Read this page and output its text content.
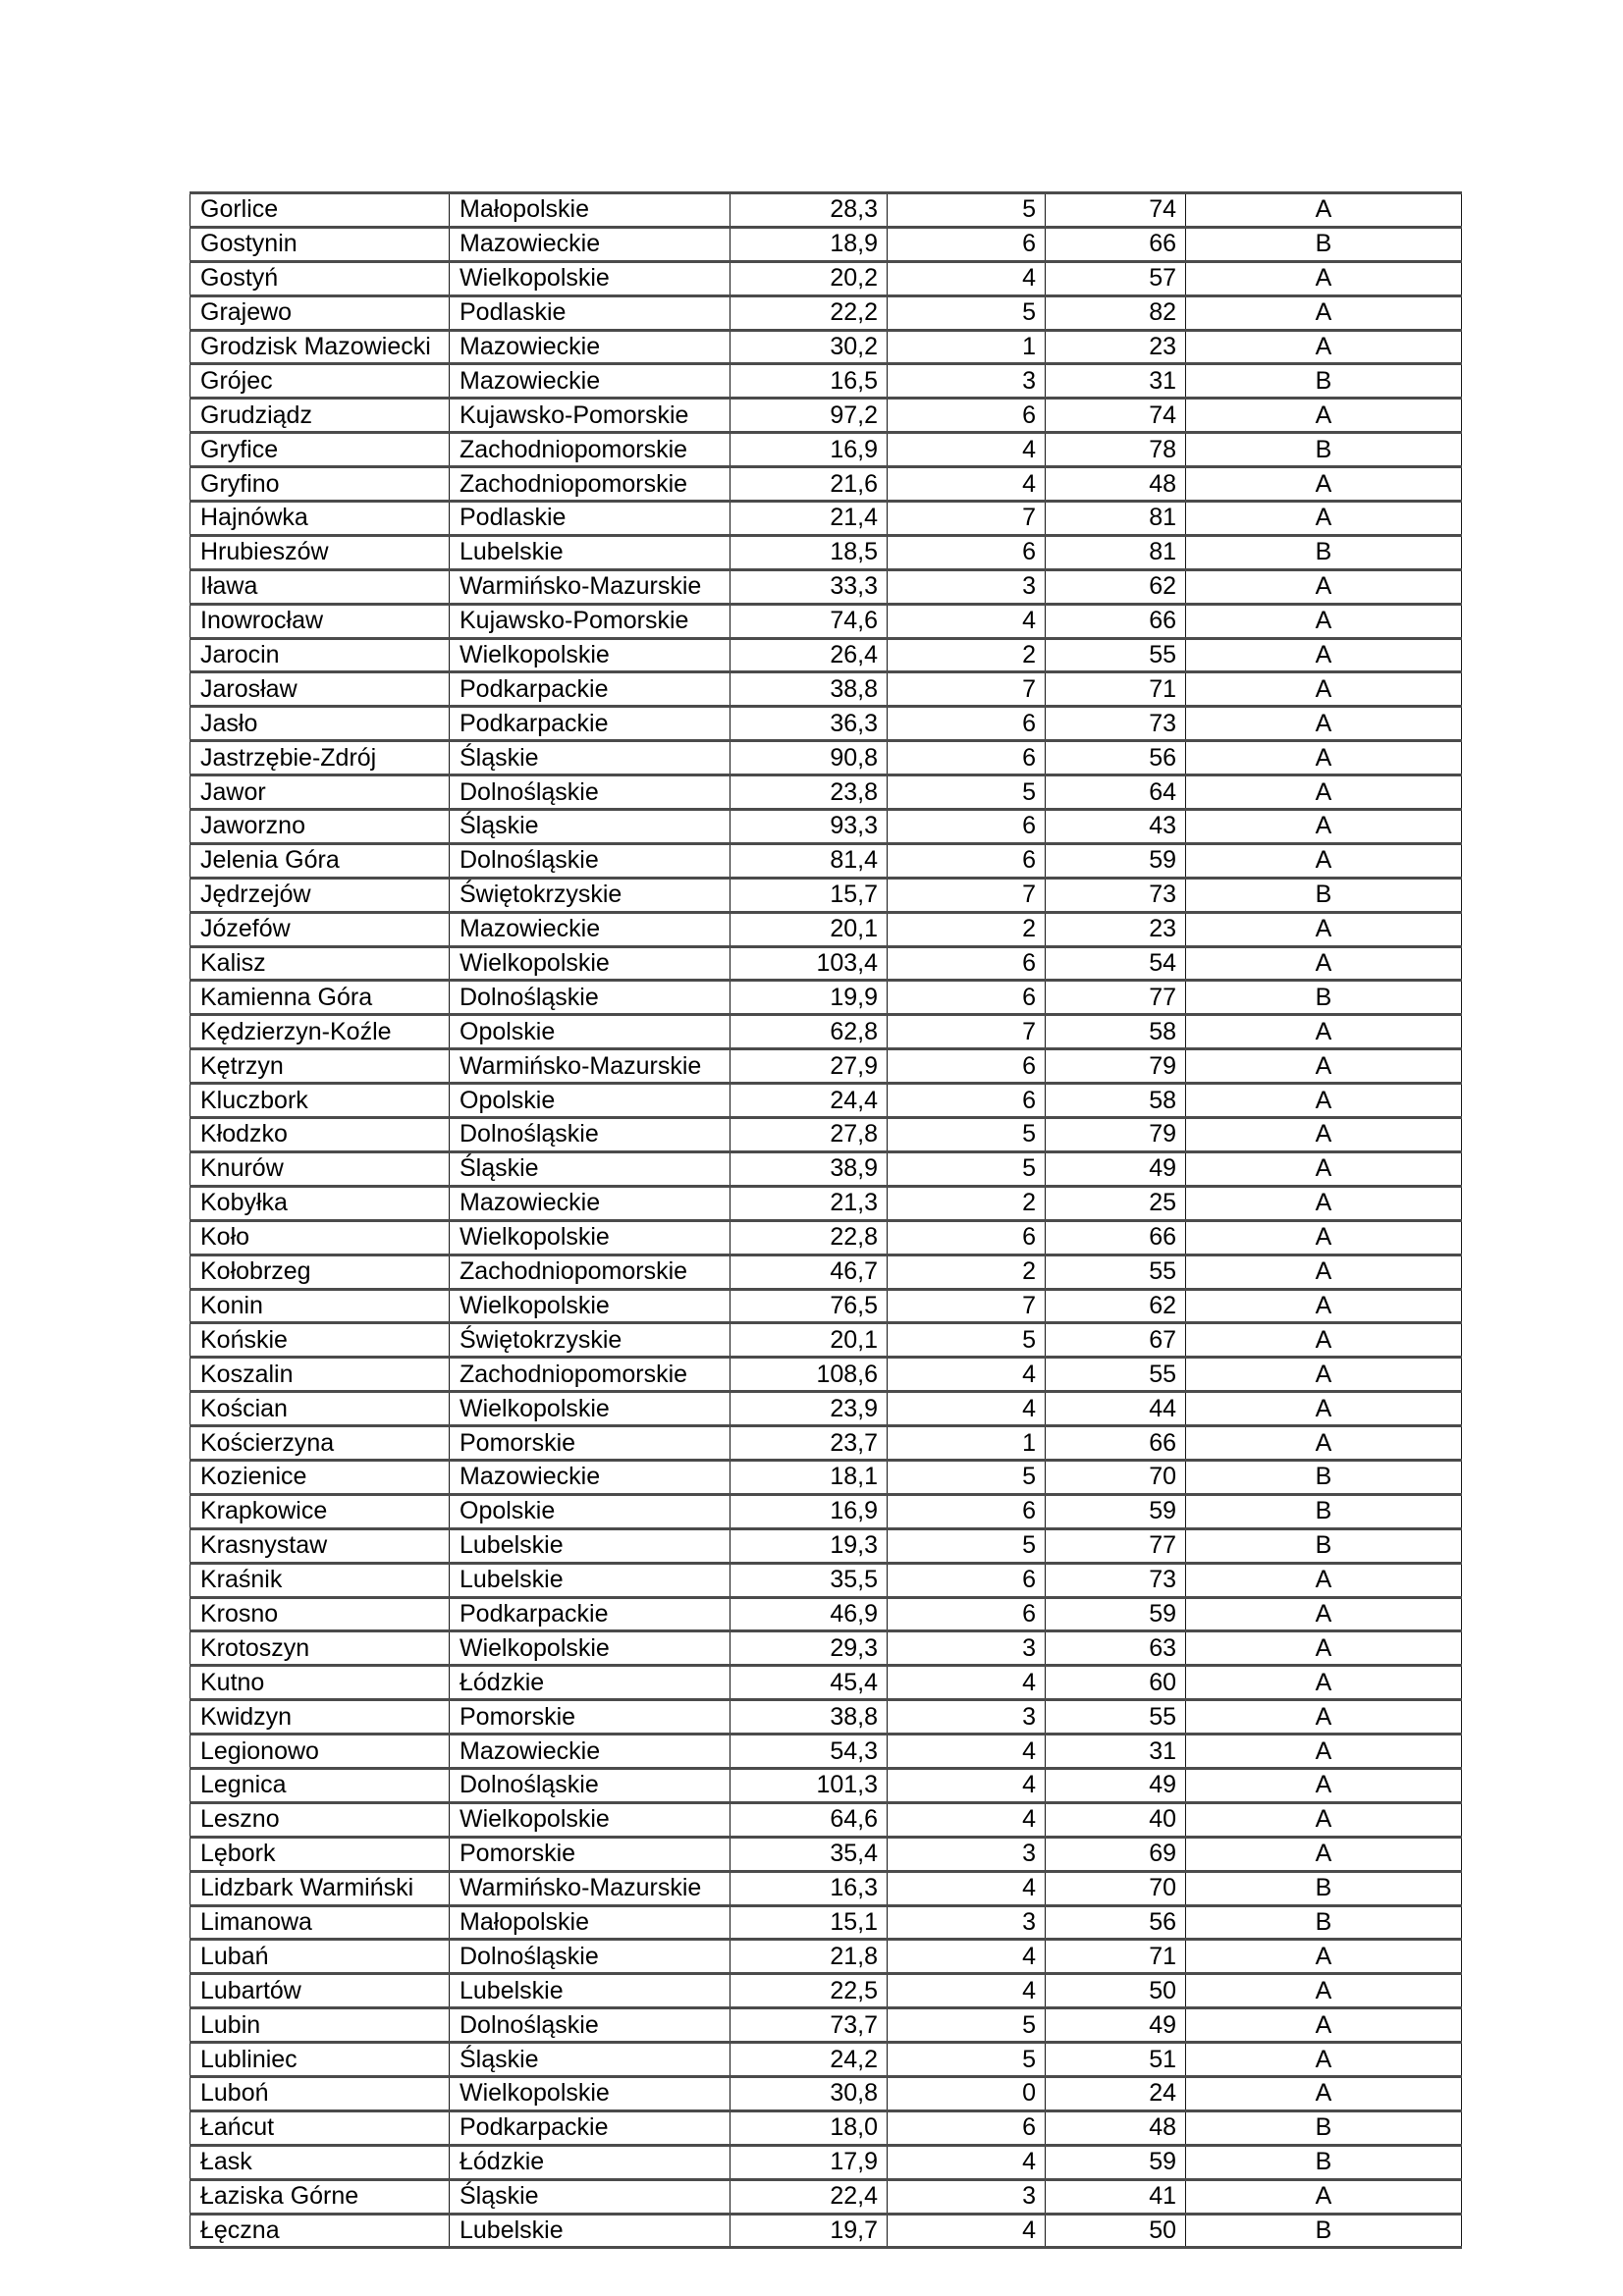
Gorlice	Małopolskie	28,3	5	74	A
Gostynin	Mazowieckie	18,9	6	66	B
Gostyń	Wielkopolskie	20,2	4	57	A
Grajewo	Podlaskie	22,2	5	82	A
Grodzisk Mazowiecki	Mazowieckie	30,2	1	23	A
Grójec	Mazowieckie	16,5	3	31	B
Grudziądz	Kujawsko-Pomorskie	97,2	6	74	A
Gryfice	Zachodniopomorskie	16,9	4	78	B
Gryfino	Zachodniopomorskie	21,6	4	48	A
Hajnówka	Podlaskie	21,4	7	81	A
Hrubieszów	Lubelskie	18,5	6	81	B
Iława	Warmińsko-Mazurskie	33,3	3	62	A
Inowrocław	Kujawsko-Pomorskie	74,6	4	66	A
Jarocin	Wielkopolskie	26,4	2	55	A
Jarosław	Podkarpackie	38,8	7	71	A
Jasło	Podkarpackie	36,3	6	73	A
Jastrzębie-Zdrój	Śląskie	90,8	6	56	A
Jawor	Dolnośląskie	23,8	5	64	A
Jaworzno	Śląskie	93,3	6	43	A
Jelenia Góra	Dolnośląskie	81,4	6	59	A
Jędrzejów	Świętokrzyskie	15,7	7	73	B
Józefów	Mazowieckie	20,1	2	23	A
Kalisz	Wielkopolskie	103,4	6	54	A
Kamienna Góra	Dolnośląskie	19,9	6	77	B
Kędzierzyn-Koźle	Opolskie	62,8	7	58	A
Kętrzyn	Warmińsko-Mazurskie	27,9	6	79	A
Kluczbork	Opolskie	24,4	6	58	A
Kłodzko	Dolnośląskie	27,8	5	79	A
Knurów	Śląskie	38,9	5	49	A
Kobyłka	Mazowieckie	21,3	2	25	A
Koło	Wielkopolskie	22,8	6	66	A
Kołobrzeg	Zachodniopomorskie	46,7	2	55	A
Konin	Wielkopolskie	76,5	7	62	A
Końskie	Świętokrzyskie	20,1	5	67	A
Koszalin	Zachodniopomorskie	108,6	4	55	A
Kościan	Wielkopolskie	23,9	4	44	A
Kościerzyna	Pomorskie	23,7	1	66	A
Kozienice	Mazowieckie	18,1	5	70	B
Krapkowice	Opolskie	16,9	6	59	B
Krasnystaw	Lubelskie	19,3	5	77	B
Kraśnik	Lubelskie	35,5	6	73	A
Krosno	Podkarpackie	46,9	6	59	A
Krotoszyn	Wielkopolskie	29,3	3	63	A
Kutno	Łódzkie	45,4	4	60	A
Kwidzyn	Pomorskie	38,8	3	55	A
Legionowo	Mazowieckie	54,3	4	31	A
Legnica	Dolnośląskie	101,3	4	49	A
Leszno	Wielkopolskie	64,6	4	40	A
Lębork	Pomorskie	35,4	3	69	A
Lidzbark Warmiński	Warmińsko-Mazurskie	16,3	4	70	B
Limanowa	Małopolskie	15,1	3	56	B
Lubań	Dolnośląskie	21,8	4	71	A
Lubartów	Lubelskie	22,5	4	50	A
Lubin	Dolnośląskie	73,7	5	49	A
Lubliniec	Śląskie	24,2	5	51	A
Luboń	Wielkopolskie	30,8	0	24	A
Łańcut	Podkarpackie	18,0	6	48	B
Łask	Łódzkie	17,9	4	59	B
Łaziska Górne	Śląskie	22,4	3	41	A
Łęczna	Lubelskie	19,7	4	50	B
